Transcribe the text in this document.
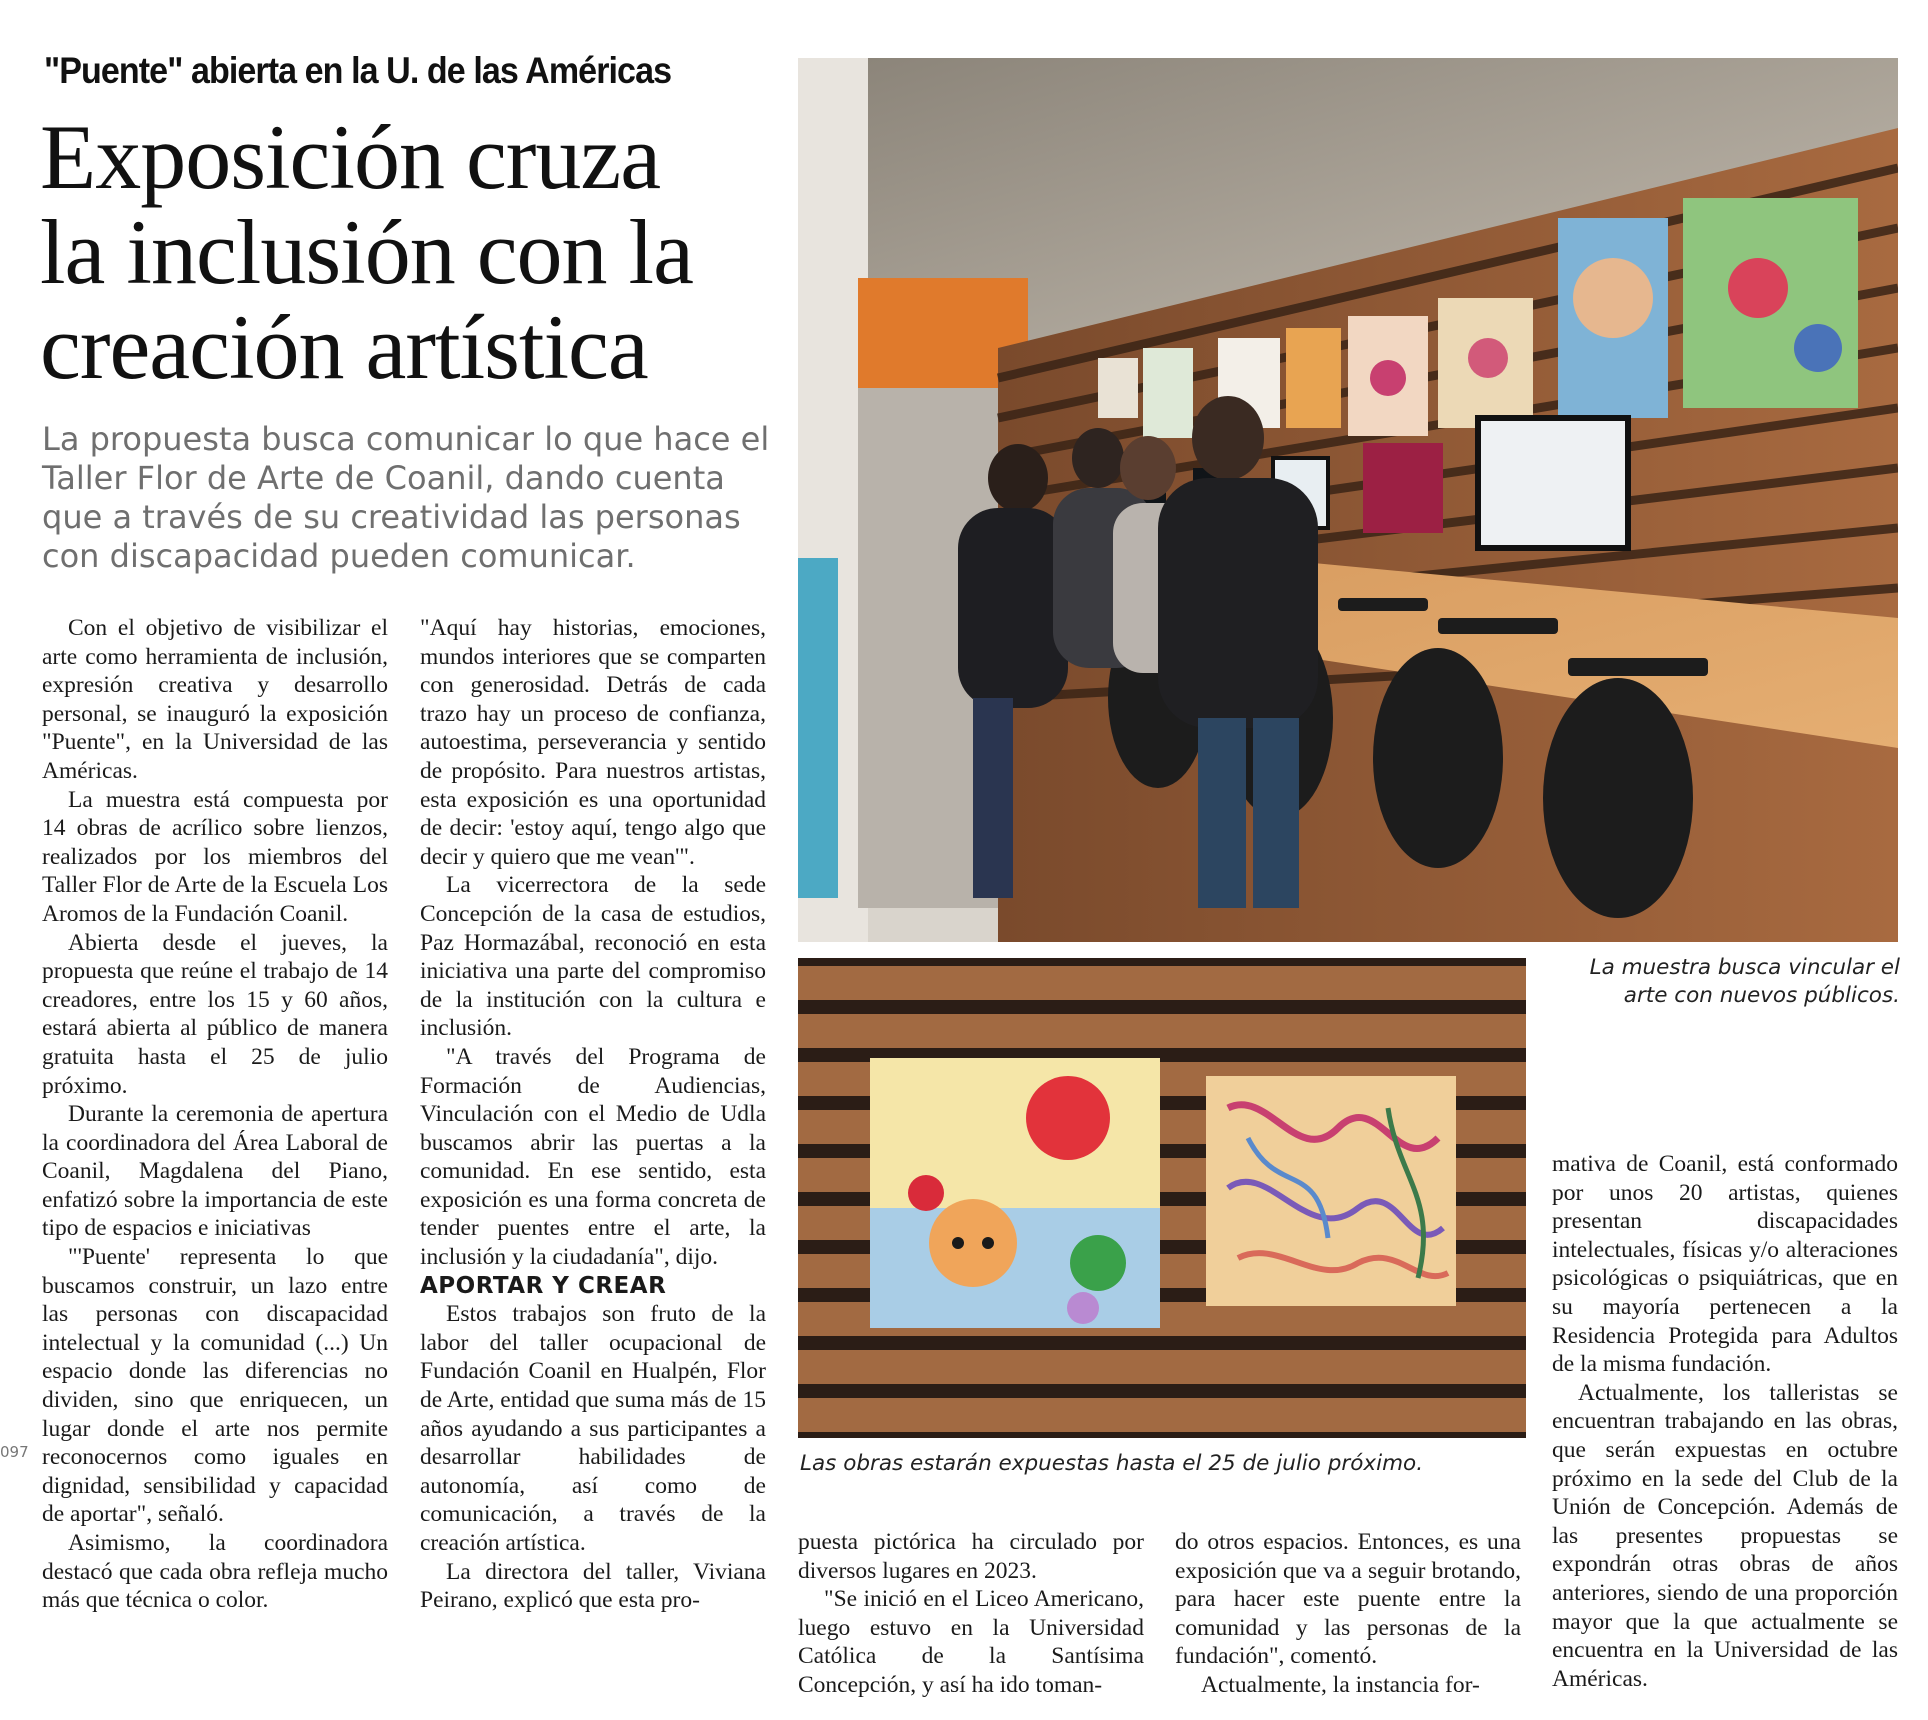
"Puente" abierta en la U. de las Américas
Exposición cruza
la inclusión con la
creación artística
La propuesta busca comunicar lo que hace el
Taller Flor de Arte de Coanil, dando cuenta
que a través de su creatividad las personas
con discapacidad pueden comunicar.
097

Con el objetivo de visibilizar el arte como herramienta de inclusión, expresión creativa y desarrollo personal, se inauguró la exposición "Puente", en la Universidad de las Américas.

La muestra está compuesta por 14 obras de acrílico sobre lienzos, realizados por los miembros del Taller Flor de Arte de la Escuela Los Aromos de la Fundación Coanil.

Abierta desde el jueves, la propuesta que reúne el trabajo de 14 creadores, entre los 15 y 60 años, estará abierta al público de manera gratuita hasta el 25 de julio próximo.

Durante la ceremonia de apertura la coordinadora del Área Laboral de Coanil, Magdalena del Piano, enfatizó sobre la importancia de este tipo de espacios e iniciativas

"'Puente' representa lo que buscamos construir, un lazo entre las personas con discapacidad intelectual y la comunidad (...) Un espacio donde las diferencias no dividen, sino que enriquecen, un lugar donde el arte nos permite reconocernos como iguales en dignidad, sensibilidad y capacidad de aportar", señaló.

Asimismo, la coordinadora destacó que cada obra refleja mucho más que técnica o color.

"Aquí hay historias, emociones, mundos interiores que se comparten con generosidad. Detrás de cada trazo hay un proceso de confianza, autoestima, perseverancia y sentido de propósito. Para nuestros artistas, esta exposición es una oportunidad de decir: 'estoy aquí, tengo algo que decir y quiero que me vean'".

La vicerrectora de la sede Concepción de la casa de estudios, Paz Hormazábal, reconoció en esta iniciativa una parte del compromiso de la institución con la cultura e inclusión.

"A través del Programa de Formación de Audiencias, Vinculación con el Medio de Udla buscamos abrir las puertas a la comunidad. En ese sentido, esta exposición es una forma concreta de tender puentes entre el arte, la inclusión y la ciudadanía", dijo.

APORTAR Y CREAR

Estos trabajos son fruto de la labor del taller ocupacional de Fundación Coanil en Hualpén, Flor de Arte, entidad que suma más de 15 años ayudando a sus participantes a desarrollar habilidades de autonomía, así como de comunicación, a través de la creación artística.

La directora del taller, Viviana Peirano, explicó que esta pro-

La muestra busca vincular el
arte con nuevos públicos.
Las obras estarán expuestas hasta el 25 de julio próximo.

puesta pictórica ha circulado por diversos lugares en 2023.

"Se inició en el Liceo Americano, luego estuvo en la Universidad Católica de la Santísima Concepción, y así ha ido toman-

do otros espacios. Entonces, es una exposición que va a seguir brotando, para hacer este puente entre la comunidad y las personas de la fundación", comentó.

Actualmente, la instancia for-

mativa de Coanil, está conformado por unos 20 artistas, quienes presentan discapacidades intelectuales, físicas y/o alteraciones psicológicas o psiquiátricas, que en su mayoría pertenecen a la Residencia Protegida para Adultos de la misma fundación.

Actualmente, los talleristas se encuentran trabajando en las obras, que serán expuestas en octubre próximo en la sede del Club de la Unión de Concepción. Además de las presentes propuestas se expondrán otras obras de años anteriores, siendo de una proporción mayor que la que actualmente se encuentra en la Universidad de las Américas.
